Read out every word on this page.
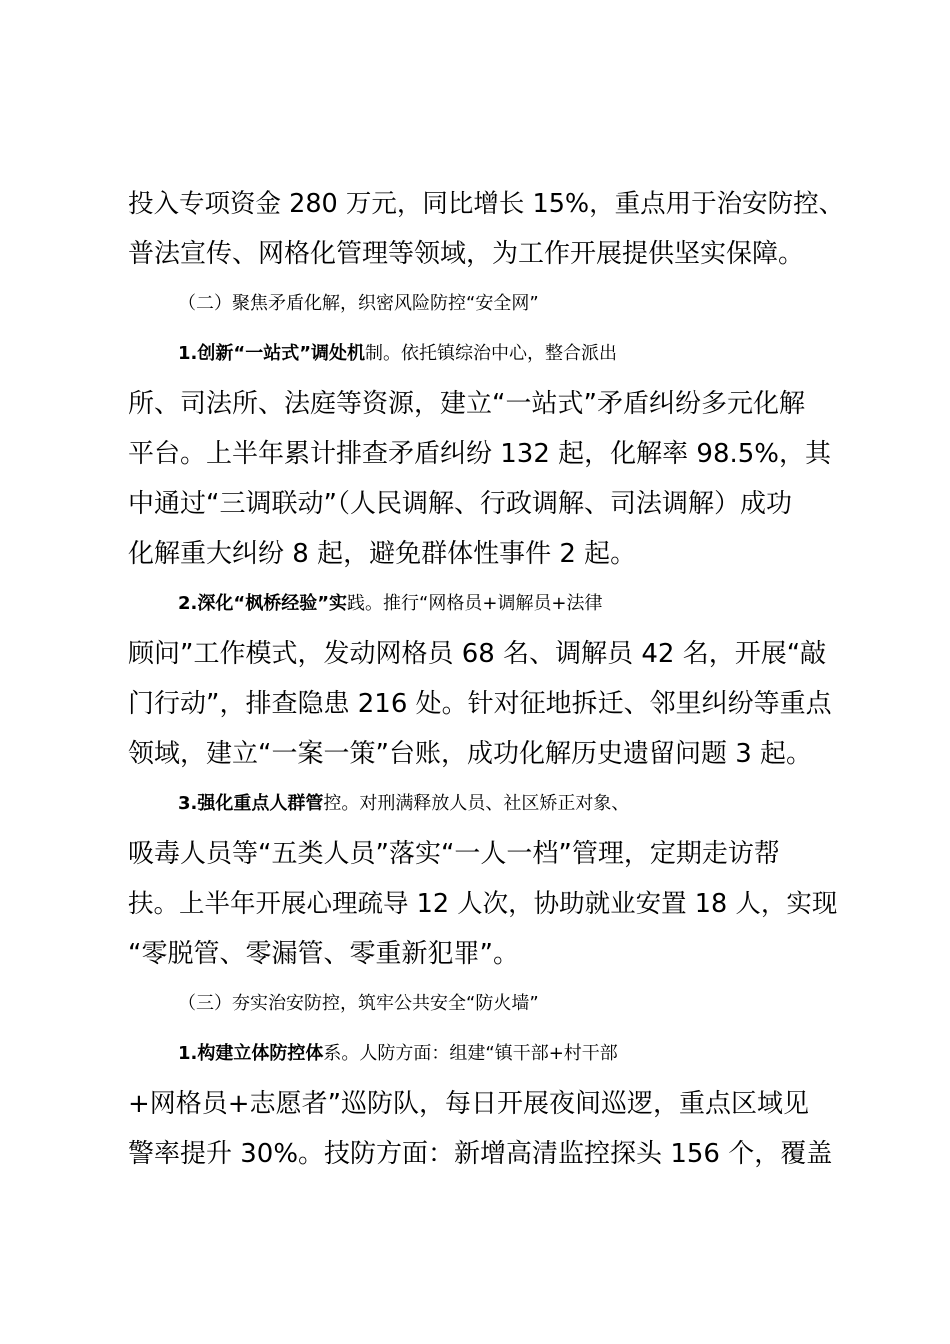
投入专项资金 280 万元，同比增长 15%，重点用于治安防控、
普法宣传、网格化管理等领域，为工作开展提供坚实保障。
（二）聚焦矛盾化解，织密风险防控“安全网”
1.创新“一站式”调处机制。依托镇综治中心，整合派出
所、司法所、法庭等资源，建立“一站式”矛盾纠纷多元化解
平台。上半年累计排查矛盾纠纷 132 起，化解率 98.5%，其
中通过“三调联动”（人民调解、行政调解、司法调解）成功
化解重大纠纷 8 起，避免群体性事件 2 起。
2.深化“枫桥经验”实践。推行“网格员+调解员+法律
顾问”工作模式，发动网格员 68 名、调解员 42 名，开展“敲
门行动”，排查隐患 216 处。针对征地拆迁、邻里纠纷等重点
领域，建立“一案一策”台账，成功化解历史遗留问题 3 起。
3.强化重点人群管控。对刑满释放人员、社区矫正对象、
吸毒人员等“五类人员”落实“一人一档”管理，定期走访帮
扶。上半年开展心理疏导 12 人次，协助就业安置 18 人，实现
“零脱管、零漏管、零重新犯罪”。
（三）夯实治安防控，筑牢公共安全“防火墙”
1.构建立体防控体系。人防方面：组建“镇干部+村干部
+网格员+志愿者”巡防队，每日开展夜间巡逻，重点区域见
警率提升 30%。技防方面：新增高清监控探头 156 个，覆盖
